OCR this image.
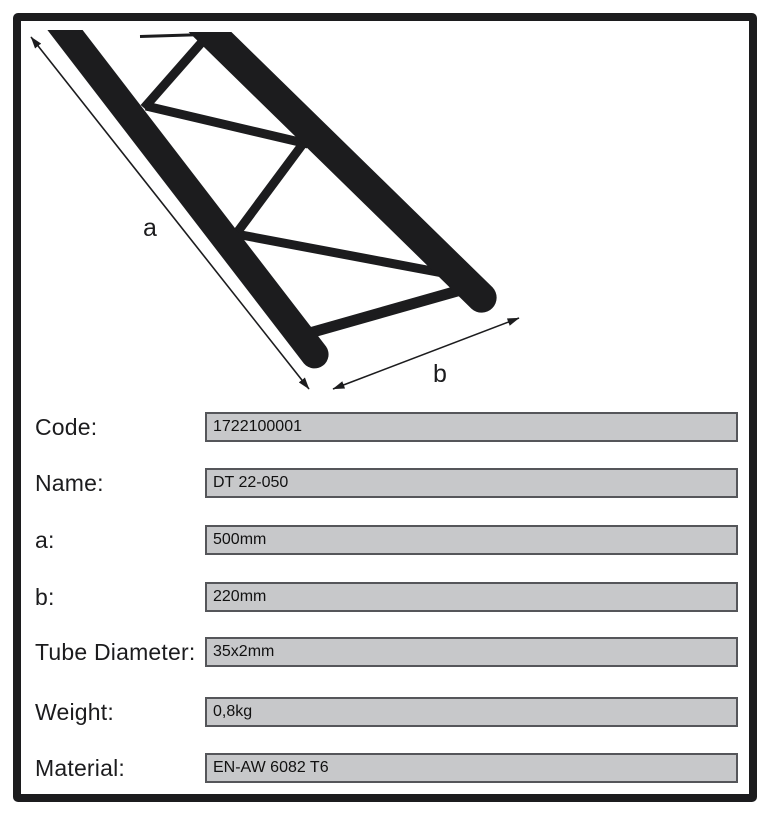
a
b
Code:	1722100001
Name:	DT 22-050
a:	500mm
b:	220mm
Tube Diameter:	35x2mm
Weight:	0,8kg
Material:	EN-AW 6082 T6
